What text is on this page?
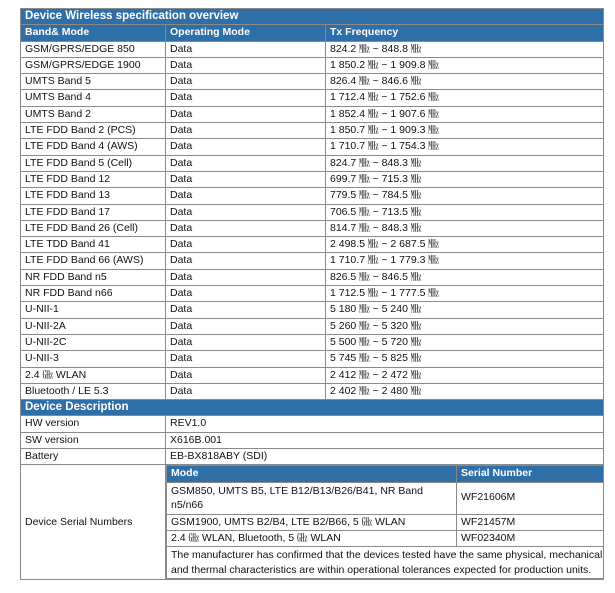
Device Wireless specification overview
Band& Mode	Operating Mode	Tx Frequency
GSM/GPRS/EDGE 850	Data	824.2 ㎒ ~ 848.8 ㎒
GSM/GPRS/EDGE 1900	Data	1 850.2 ㎒ ~ 1 909.8 ㎒
UMTS Band 5	Data	826.4 ㎒ ~ 846.6 ㎒
UMTS Band 4	Data	1 712.4 ㎒ ~ 1 752.6 ㎒
UMTS Band 2	Data	1 852.4 ㎒ ~ 1 907.6 ㎒
LTE FDD Band 2 (PCS)	Data	1 850.7 ㎒ ~ 1 909.3 ㎒
LTE FDD Band 4 (AWS)	Data	1 710.7 ㎒ ~ 1 754.3 ㎒
LTE FDD Band 5 (Cell)	Data	824.7 ㎒ ~ 848.3 ㎒
LTE FDD Band 12	Data	699.7 ㎒ ~ 715.3 ㎒
LTE FDD Band 13	Data	779.5 ㎒ ~ 784.5 ㎒
LTE FDD Band 17	Data	706.5 ㎒ ~ 713.5 ㎒
LTE FDD Band 26 (Cell)	Data	814.7 ㎒ ~ 848.3 ㎒
LTE TDD Band 41	Data	2 498.5 ㎒ ~ 2 687.5 ㎒
LTE FDD Band 66 (AWS)	Data	1 710.7 ㎒ ~ 1 779.3 ㎒
NR FDD Band n5	Data	826.5 ㎒ ~ 846.5 ㎒
NR FDD Band n66	Data	1 712.5 ㎒ ~ 1 777.5 ㎒
U-NII-1	Data	5 180 ㎒ ~ 5 240 ㎒
U-NII-2A	Data	5 260 ㎒ ~ 5 320 ㎒
U-NII-2C	Data	5 500 ㎒ ~ 5 720 ㎒
U-NII-3	Data	5 745 ㎒ ~ 5 825 ㎒
2.4 ㎓ WLAN	Data	2 412 ㎒ ~ 2 472 ㎒
Bluetooth / LE 5.3	Data	2 402 ㎒ ~ 2 480 ㎒
Device Description
HW version	REV1.0
SW version	X616B.001
Battery	EB-BX818ABY (SDI)
Device Serial Numbers	
Mode	Serial Number
GSM850, UMTS B5, LTE B12/B13/B26/B41, NR Band n5/n66	WF21606M
GSM1900, UMTS B2/B4, LTE B2/B66, 5 ㎓ WLAN	WF21457M
2.4 ㎓ WLAN, Bluetooth, 5 ㎓ WLAN	WF02340M
The manufacturer has confirmed that the devices tested have the same physical, mechanical and thermal characteristics are within operational tolerances expected for production units.
